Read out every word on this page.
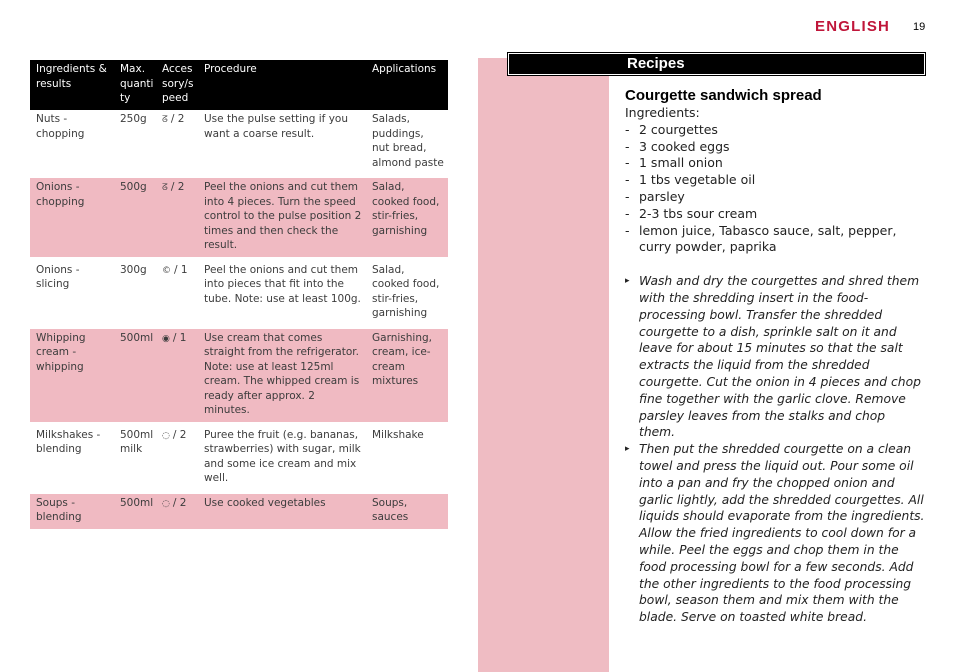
ENGLISH 19
Ingredients & results	Max. quanti ty	Acces sory/s peed	Procedure	Applications
Nuts - chopping	250g	ᘔ / 2	Use the pulse setting if you want a coarse result.	Salads, puddings, nut bread, almond paste

Onions - chopping	500g	ᘔ / 2	Peel the onions and cut them into 4 pieces. Turn the speed control to the pulse position 2 times and then check the result.	Salad, cooked food, stir-fries, garnishing

Onions - slicing	300g	© / 1	Peel the onions and cut them into pieces that fit into the tube. Note: use at least 100g.	Salad, cooked food, stir-fries, garnishing

Whipping cream - whipping	500ml	◉ / 1	Use cream that comes straight from the refrigerator. Note: use at least 125ml cream. The whipped cream is ready after approx. 2 minutes.	Garnishing, cream, ice-cream mixtures

Milkshakes - blending	500ml milk	◌ / 2	Puree the fruit (e.g. bananas, strawberries) with sugar, milk and some ice cream and mix well.	Milkshake

Soups - blending	500ml	◌ / 2	Use cooked vegetables	Soups, sauces
Recipes
Courgette sandwich spread

Ingredients:

- 2 courgettes
- 3 cooked eggs
- 1 small onion
- 1 tbs vegetable oil
- parsley
- 2-3 tbs sour cream
- lemon juice, Tabasco sauce, salt, pepper, curry powder, paprika
▸ Wash and dry the courgettes and shred them with the shredding insert in the food-processing bowl. Transfer the shredded courgette to a dish, sprinkle salt on it and leave for about 15 minutes so that the salt extracts the liquid from the shredded courgette. Cut the onion in 4 pieces and chop fine together with the garlic clove. Remove parsley leaves from the stalks and chop them.
▸ Then put the shredded courgette on a clean towel and press the liquid out. Pour some oil into a pan and fry the chopped onion and garlic lightly, add the shredded courgettes. All liquids should evaporate from the ingredients. Allow the fried ingredients to cool down for a while. Peel the eggs and chop them in the food processing bowl for a few seconds. Add the other ingredients to the food processing bowl, season them and mix them with the blade. Serve on toasted white bread.
